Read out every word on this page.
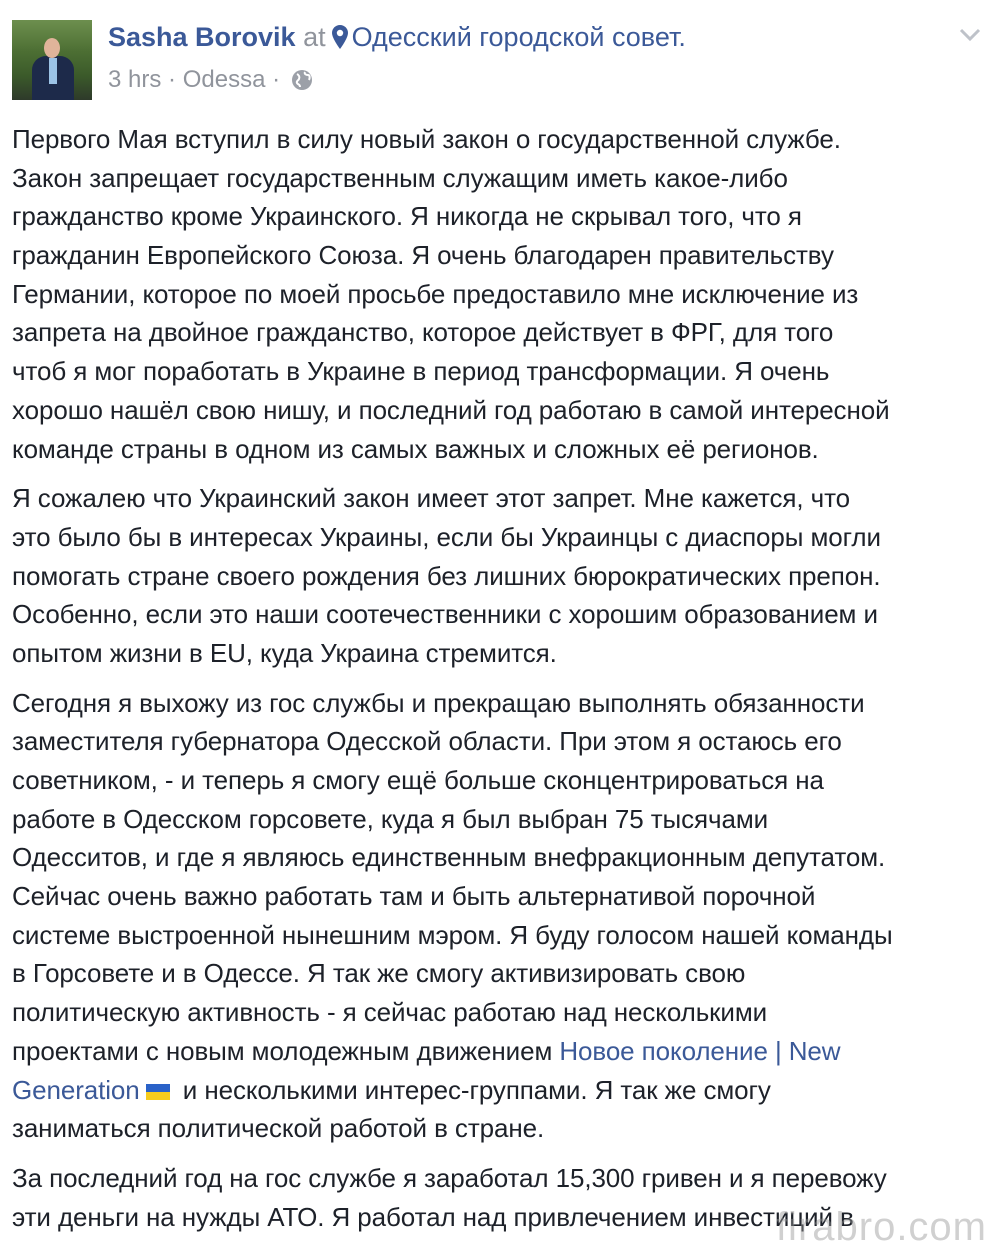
Sasha Borovik at Одесский городской совет.
3 hrs · Odessa ·
Первого Мая вступил в силу новый закон о государственной службе.
Закон запрещает государственным служащим иметь какое-либо
гражданство кроме Украинского. Я никогда не скрывал того, что я
гражданин Европейского Союза. Я очень благодарен правительству
Германии, которое по моей просьбе предоставило мне исключение из
запрета на двойное гражданство, которое действует в ФРГ, для того
чтоб я мог поработать в Украине в период трансформации. Я очень
хорошо нашёл свою нишу, и последний год работаю в самой интересной
команде страны в одном из самых важных и сложных её регионов.
Я сожалею что Украинский закон имеет этот запрет. Мне кажется, что
это было бы в интересах Украины, если бы Украинцы с диаспоры могли
помогать стране своего рождения без лишних бюрократических препон.
Особенно, если это наши соотечественники с хорошим образованием и
опытом жизни в EU, куда Украина стремится.
Сегодня я выхожу из гос службы и прекращаю выполнять обязанности
заместителя губернатора Одесской области. При этом я остаюсь его
советником, - и теперь я смогу ещё больше сконцентрироваться на
работе в Одесском горсовете, куда я был выбран 75 тысячами
Одесситов, и где я являюсь единственным внефракционным депутатом.
Сейчас очень важно работать там и быть альтернативой порочной
системе выстроенной нынешним мэром. Я буду голосом нашей команды
в Горсовете и в Одессе. Я так же смогу активизировать свою
политическую активность - я сейчас работаю над несколькими
проектами с новым молодежным движением Новое поколение | New
Generation и несколькими интерес-группами. Я так же смогу
заниматься политической работой в стране.
За последний год на гос службе я заработал 15,300 гривен и я перевожу
эти деньги на нужды АТО. Я работал над привлечением инвестиций в
firabro.com
